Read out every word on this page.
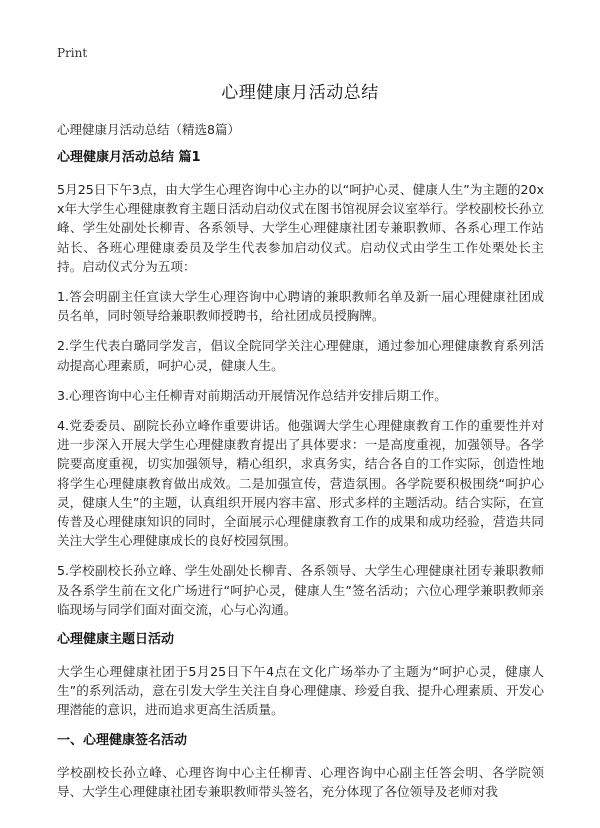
Print
心理健康月活动总结
心理健康月活动总结（精选8篇）
心理健康月活动总结 篇1

5月25日下午3点，由大学生心理咨询中心主办的以“呵护心灵、健康人生”为主题的20xx年大学生心理健康教育主题日活动启动仪式在图书馆视屏会议室举行。学校副校长孙立峰、学生处副处长柳青、各系领导、大学生心理健康社团专兼职教师、各系心理工作站站长、各班心理健康委员及学生代表参加启动仪式。启动仪式由学生工作处栗处长主持。启动仪式分为五项：

1.答会明副主任宣读大学生心理咨询中心聘请的兼职教师名单及新一届心理健康社团成员名单，同时领导给兼职教师授聘书，给社团成员授胸牌。

2.学生代表白璐同学发言，倡议全院同学关注心理健康，通过参加心理健康教育系列活动提高心理素质，呵护心灵，健康人生。

3.心理咨询中心主任柳青对前期活动开展情况作总结并安排后期工作。

4.党委委员、副院长孙立峰作重要讲话。他强调大学生心理健康教育工作的重要性并对进一步深入开展大学生心理健康教育提出了具体要求：一是高度重视，加强领导。各学院要高度重视，切实加强领导，精心组织，求真务实，结合各自的工作实际，创造性地将学生心理健康教育做出成效。二是加强宣传，营造氛围。各学院要积极围绕“呵护心灵，健康人生”的主题，认真组织开展内容丰富、形式多样的主题活动。结合实际，在宣传普及心理健康知识的同时，全面展示心理健康教育工作的成果和成功经验，营造共同关注大学生心理健康成长的良好校园氛围。

5.学校副校长孙立峰、学生处副处长柳青、各系领导、大学生心理健康社团专兼职教师及各系学生前在文化广场进行“呵护心灵，健康人生”签名活动；六位心理学兼职教师亲临现场与同学们面对面交流，心与心沟通。

心理健康主题日活动

大学生心理健康社团于5月25日下午4点在文化广场举办了主题为“呵护心灵，健康人生”的系列活动，意在引发大学生关注自身心理健康、珍爱自我、提升心理素质、开发心理潜能的意识，进而追求更高生活质量。

一、心理健康签名活动

学校副校长孙立峰、心理咨询中心主任柳青、心理咨询中心副主任答会明、各学院领导、大学生心理健康社团专兼职教师带头签名，充分体现了各位领导及老师对我
